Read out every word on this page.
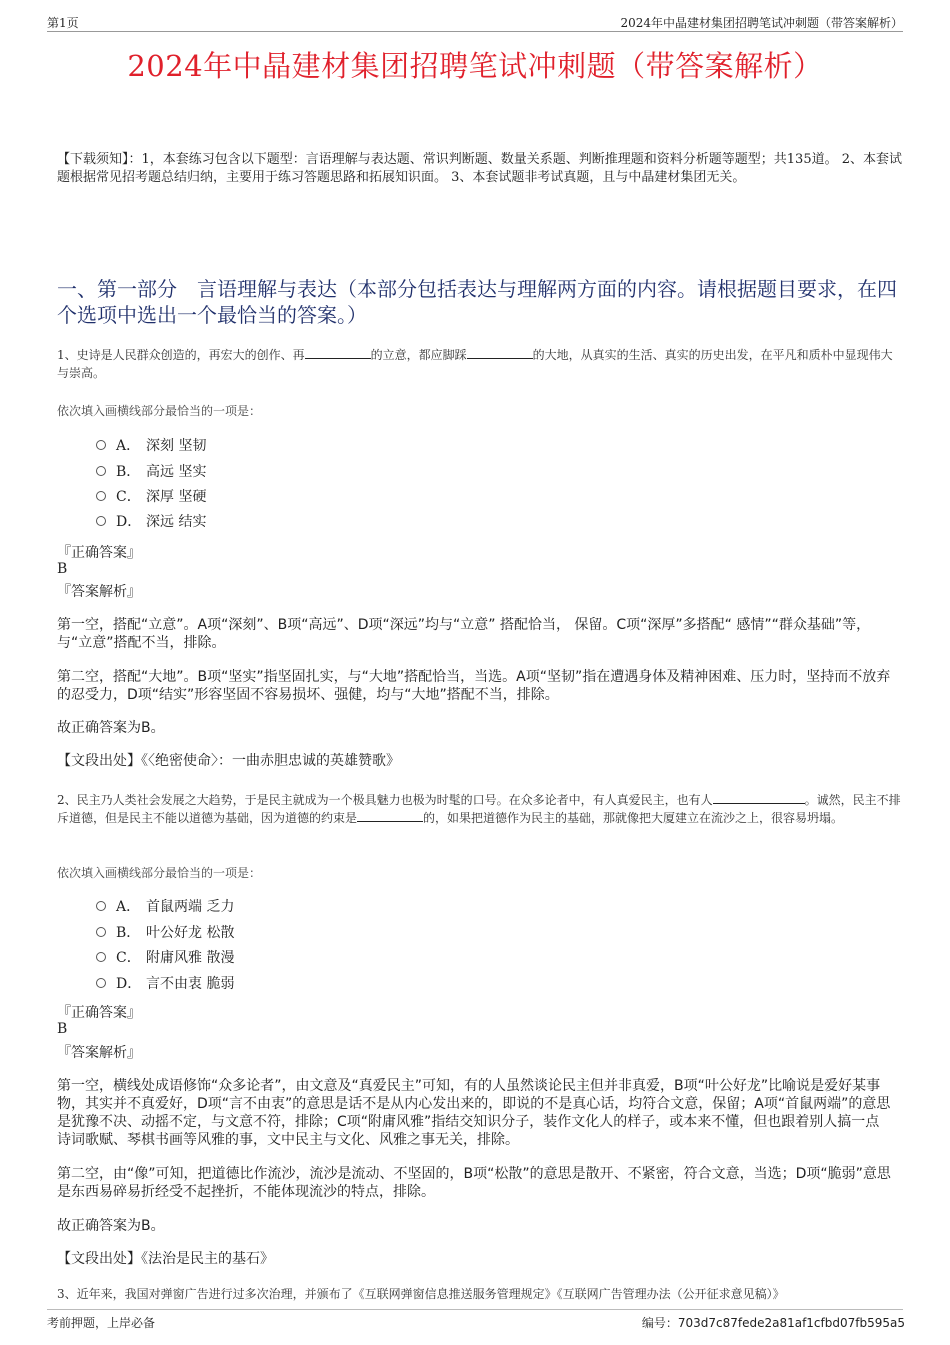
第1页	2024年中晶建材集团招聘笔试冲刺题（带答案解析）
2024年中晶建材集团招聘笔试冲刺题（带答案解析）
【下载须知】：1，本套练习包含以下题型：言语理解与表达题、常识判断题、数量关系题、判断推理题和资料分析题等题型；共135道。 2、本套试题根据常见招考题总结归纳，主要用于练习答题思路和拓展知识面。 3、本套试题非考试真题，且与中晶建材集团无关。
一、第一部分　言语理解与表达（本部分包括表达与理解两方面的内容。请根据题目要求，在四个选项中选出一个最恰当的答案。）
1、史诗是人民群众创造的，再宏大的创作、再	的立意，都应脚踩	的大地，从真实的生活、真实的历史出发，在平凡和质朴中显现伟大与崇高。
依次填入画横线部分最恰当的一项是：
A． 深刻 坚韧
B． 高远 坚实
C． 深厚 坚硬
D． 深远 结实
『正确答案』
B
『答案解析』
第一空，搭配“立意”。A项“深刻”、B项“高远”、D项“深远”均与“立意” 搭配恰当， 保留。C项“深厚”多搭配“ 感情”“群众基础”等，与“立意”搭配不当，排除。
第二空，搭配“大地”。B项“坚实”指坚固扎实，与“大地”搭配恰当，当选。A项“坚韧”指在遭遇身体及精神困难、压力时，坚持而不放弃的忍受力，D项“结实”形容坚固不容易损坏、强健，均与“大地”搭配不当，排除。
故正确答案为B。
【文段出处】《〈绝密使命〉：一曲赤胆忠诚的英雄赞歌》
2、民主乃人类社会发展之大趋势，于是民主就成为一个极具魅力也极为时髦的口号。在众多论者中，有人真爱民主，也有人	。诚然，民主不排斥道德，但是民主不能以道德为基础，因为道德的约束是	的，如果把道德作为民主的基础，那就像把大厦建立在流沙之上，很容易坍塌。
依次填入画横线部分最恰当的一项是：
A． 首鼠两端 乏力
B． 叶公好龙 松散
C． 附庸风雅 散漫
D． 言不由衷 脆弱
『正确答案』
B
『答案解析』
第一空，横线处成语修饰“众多论者”，由文意及“真爱民主”可知，有的人虽然谈论民主但并非真爱，B项“叶公好龙”比喻说是爱好某事物，其实并不真爱好，D项“言不由衷”的意思是话不是从内心发出来的，即说的不是真心话，均符合文意，保留；A项“首鼠两端”的意思是犹豫不决、动摇不定，与文意不符，排除；C项“附庸风雅”指结交知识分子，装作文化人的样子，或本来不懂，但也跟着别人搞一点诗词歌赋、琴棋书画等风雅的事，文中民主与文化、风雅之事无关，排除。
第二空，由“像”可知，把道德比作流沙，流沙是流动、不坚固的，B项“松散”的意思是散开、不紧密，符合文意，当选；D项“脆弱”意思是东西易碎易折经受不起挫折，不能体现流沙的特点，排除。
故正确答案为B。
【文段出处】《法治是民主的基石》
3、近年来，我国对弹窗广告进行过多次治理，并颁布了《互联网弹窗信息推送服务管理规定》《互联网广告管理办法（公开征求意见稿）》
考前押题，上岸必备	编号：703d7c87fede2a81af1cfbd07fb595a5
